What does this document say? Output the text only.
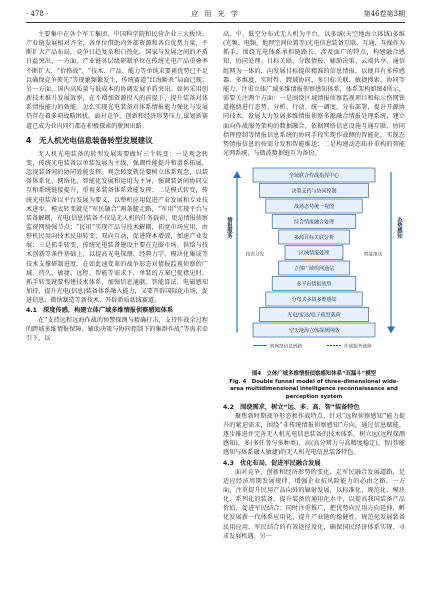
· 478 ·	应 用 光 学	第46卷第3期

主要集中在各个军工集团、中国科学院和民营企业三大板块。产业链发展相对齐全，各单位借助内外部资源和各自优势力量，不断扩大产品布局，竞争日趋复杂和白热化。国家与发展之间的矛盾日益突出，一方面，产业链各层级研制单位在传统光电产品重叠率不断扩大，“价格战”、“技术、产品、能力等单纯求要素优势已不足以确保竞争领先”等现象频繁发生，传统赛道“红海厮杀”局面已现；另一方面，国内高质量与低成本的协调发展矛盾突出。如何采用创新技术推升发展效率，在不增加资源投入的前提下，提升装备对体系情报能力的效能。怎么实现光电装备对体系情报能力强化与发展仍存在着多项战略困扰。面对竞争、创新和经济形势压力,谋划新赛道已成为业内同行都在积极探索的脱困出路。

4　无人机光电信息装备转型发展建议

无人机光电装备的转型发展需要做好三个转变：一是观念转变，传统光电装备以单装发展为主线，强调性能提升和谱系拓展，忽视装备间的协同效能发挥。观念转变就是要树立体系观念，以装备体系化、网络化、智能化发展和运用为主导，强调装备间协同交互和系统链接提升，重视多装备体系效能发挥；二是模式转变，传统光电装备以平台发展为要义，以整机应用促进产业发展和专业技术进步。模式转变就是“军民融合”两条腿走路，“军用”实现平台与装备解耦，光电(信息)装备不仅是无人机的任务载荷，更是情报侦察监视网络强节点；“民用”实现产品与技术解耦，拓宽市场应用，由整机民用向技术民用转变，双向互动，促进降本增效，加速产业发展；三是抓手转变，传统光电装备建设主要在克服市场、供给与技术创新等条件基础上，以提高光电探测、经典力学、模块化集成等技术支撑研制进度。在如此速变革的战争形态对情报监视侦察的广域、持久、敏捷、远程、智能等需求下，单装的方案已捉襟见肘，抓手转变就要构建技术体系、加强信息通联、智能算法、电磁感知加持，提升光电(信息)装备体系融入能力，又要开辟国际化市场，促进信息、微纳制造等新技术，开辟新质新域赛道。

4.1　深度传感，构建立体广域多维情报侦察感知体系

在“支持远程远海作战的预警探测与精确打击，支持作战全过程的跨域多维情报保障、辅助决策与协同控制下的集群作战”等需求牵引下，以

高、中、低空分布式无人机为平台，以多域(天空地海立体域)多维(光频、电频、地理空间位置等)光电信息装备互联、互通、互操作为抓手，围绕光电体系承担链路长、涉及面广的特点，构建融合感知、协同处理、目标关联、分级情报、辅助决策、云端共享、通信组网为一体的，向发展目标提供精准的信息情报，以便具有多传感器、多维度、实时性、跨域协同、多目标关联、敏捷搜索、协同等能力，注重立体广域多维情报侦察感知体系，体系架构如图4所示，需要关注两个方面：一是围绕区域情报侦察监视项目和标示伤网铁道拖绕进行态势、分析、行动、统一调度、分布部署，提升开源协同技术，发展大力发展多维情报侦察多源融合情报处理系统，建立面向作战服务架构的数据融合，依据网络信息设施互通互联、协同指挥控制等情报信息系统的协同手段实现作战侧的智能化，实现态势情报信息的按需分发和智能推送；二是构建动态拓扑重构的智能光网系统，与微波数据链互为备份。

全域联合作战指挥中心
决策支持与协同控制
战场态势统一视图
综合情报融合处理
多源目标关联分析
区域情报处理
立体广域组网通信
多平台情报侦察
分布式多域多维感知
光电/雷达/电子侦察载荷
空天地海立体探测网络
情报服务	态势感知
按需分发	智能推送
跨网络信息链路	作战服务链路
图4　立体广域多维情报侦察感知体系“双漏斗”模型
Fig. 4　Double funnel model of three-dimensional wide-area multidimensional intelligence reconnaissance and perception system
4.2　围绕需求，树立“远、多、高、智”装备特色

聚焦新时期战争形态和作战特点，针对“远程侦察感知”能力提升的紧迫需求，围绕“非传统情报侦察感知”方向，通过信息赋能、逐步推进并完善无人机光电信息装备的技术体系，树立远(远程探测感知)、多(多任务与多种类)、高(高分辨力与高精度稳定)、智(智能感知与体系融入敏捷)的无人机光电信息装备特色。

4.3　优化布局，促进军民融合发展

面对竞争、创新和经济形势的变化，走军民融合发展道路，是适应经济周期发展规律、增强企业抗风险能力的必由之路。一方面，注重提升民用产品向外的辐射发展，以标准化、规范化、模块化、系列化的装备，提升装备的通用化水平，以提高我国装备产品价值，促进军民结合；同时注重推广，把优势向民用方向延伸，孵化发展新一代体系应用化，提升产业链的稳健性，规范化发展装备民用应用、军民结合的有效途径及化，确保国民经济体系实现、寻求发展机遇。另一
